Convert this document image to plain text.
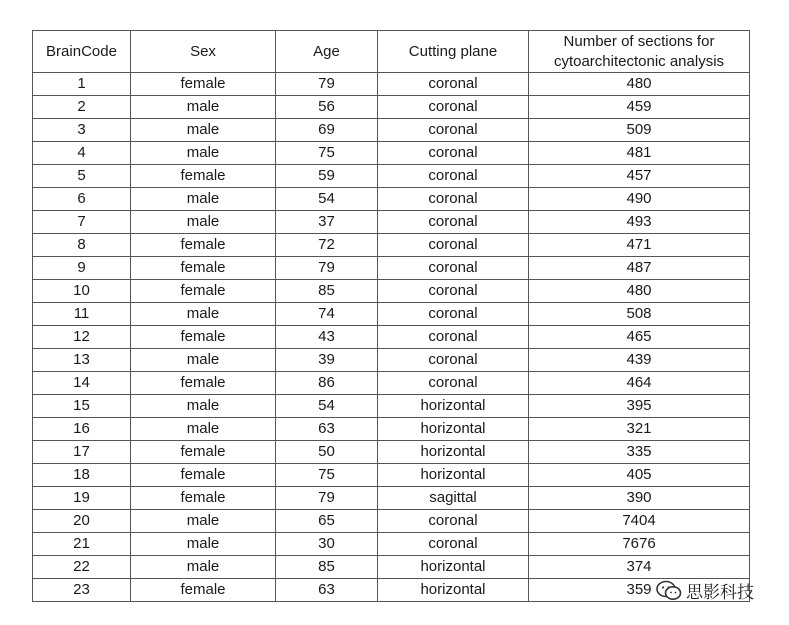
BrainCode	Sex	Age	Cutting plane	Number of sections for
cytoarchitectonic analysis

1	female	79	coronal	480
2	male	56	coronal	459
3	male	69	coronal	509
4	male	75	coronal	481
5	female	59	coronal	457
6	male	54	coronal	490
7	male	37	coronal	493
8	female	72	coronal	471
9	female	79	coronal	487
10	female	85	coronal	480
11	male	74	coronal	508
12	female	43	coronal	465
13	male	39	coronal	439
14	female	86	coronal	464
15	male	54	horizontal	395
16	male	63	horizontal	321
17	female	50	horizontal	335
18	female	75	horizontal	405
19	female	79	sagittal	390
20	male	65	coronal	7404
21	male	30	coronal	7676
22	male	85	horizontal	374
23	female	63	horizontal	359 思影科技
